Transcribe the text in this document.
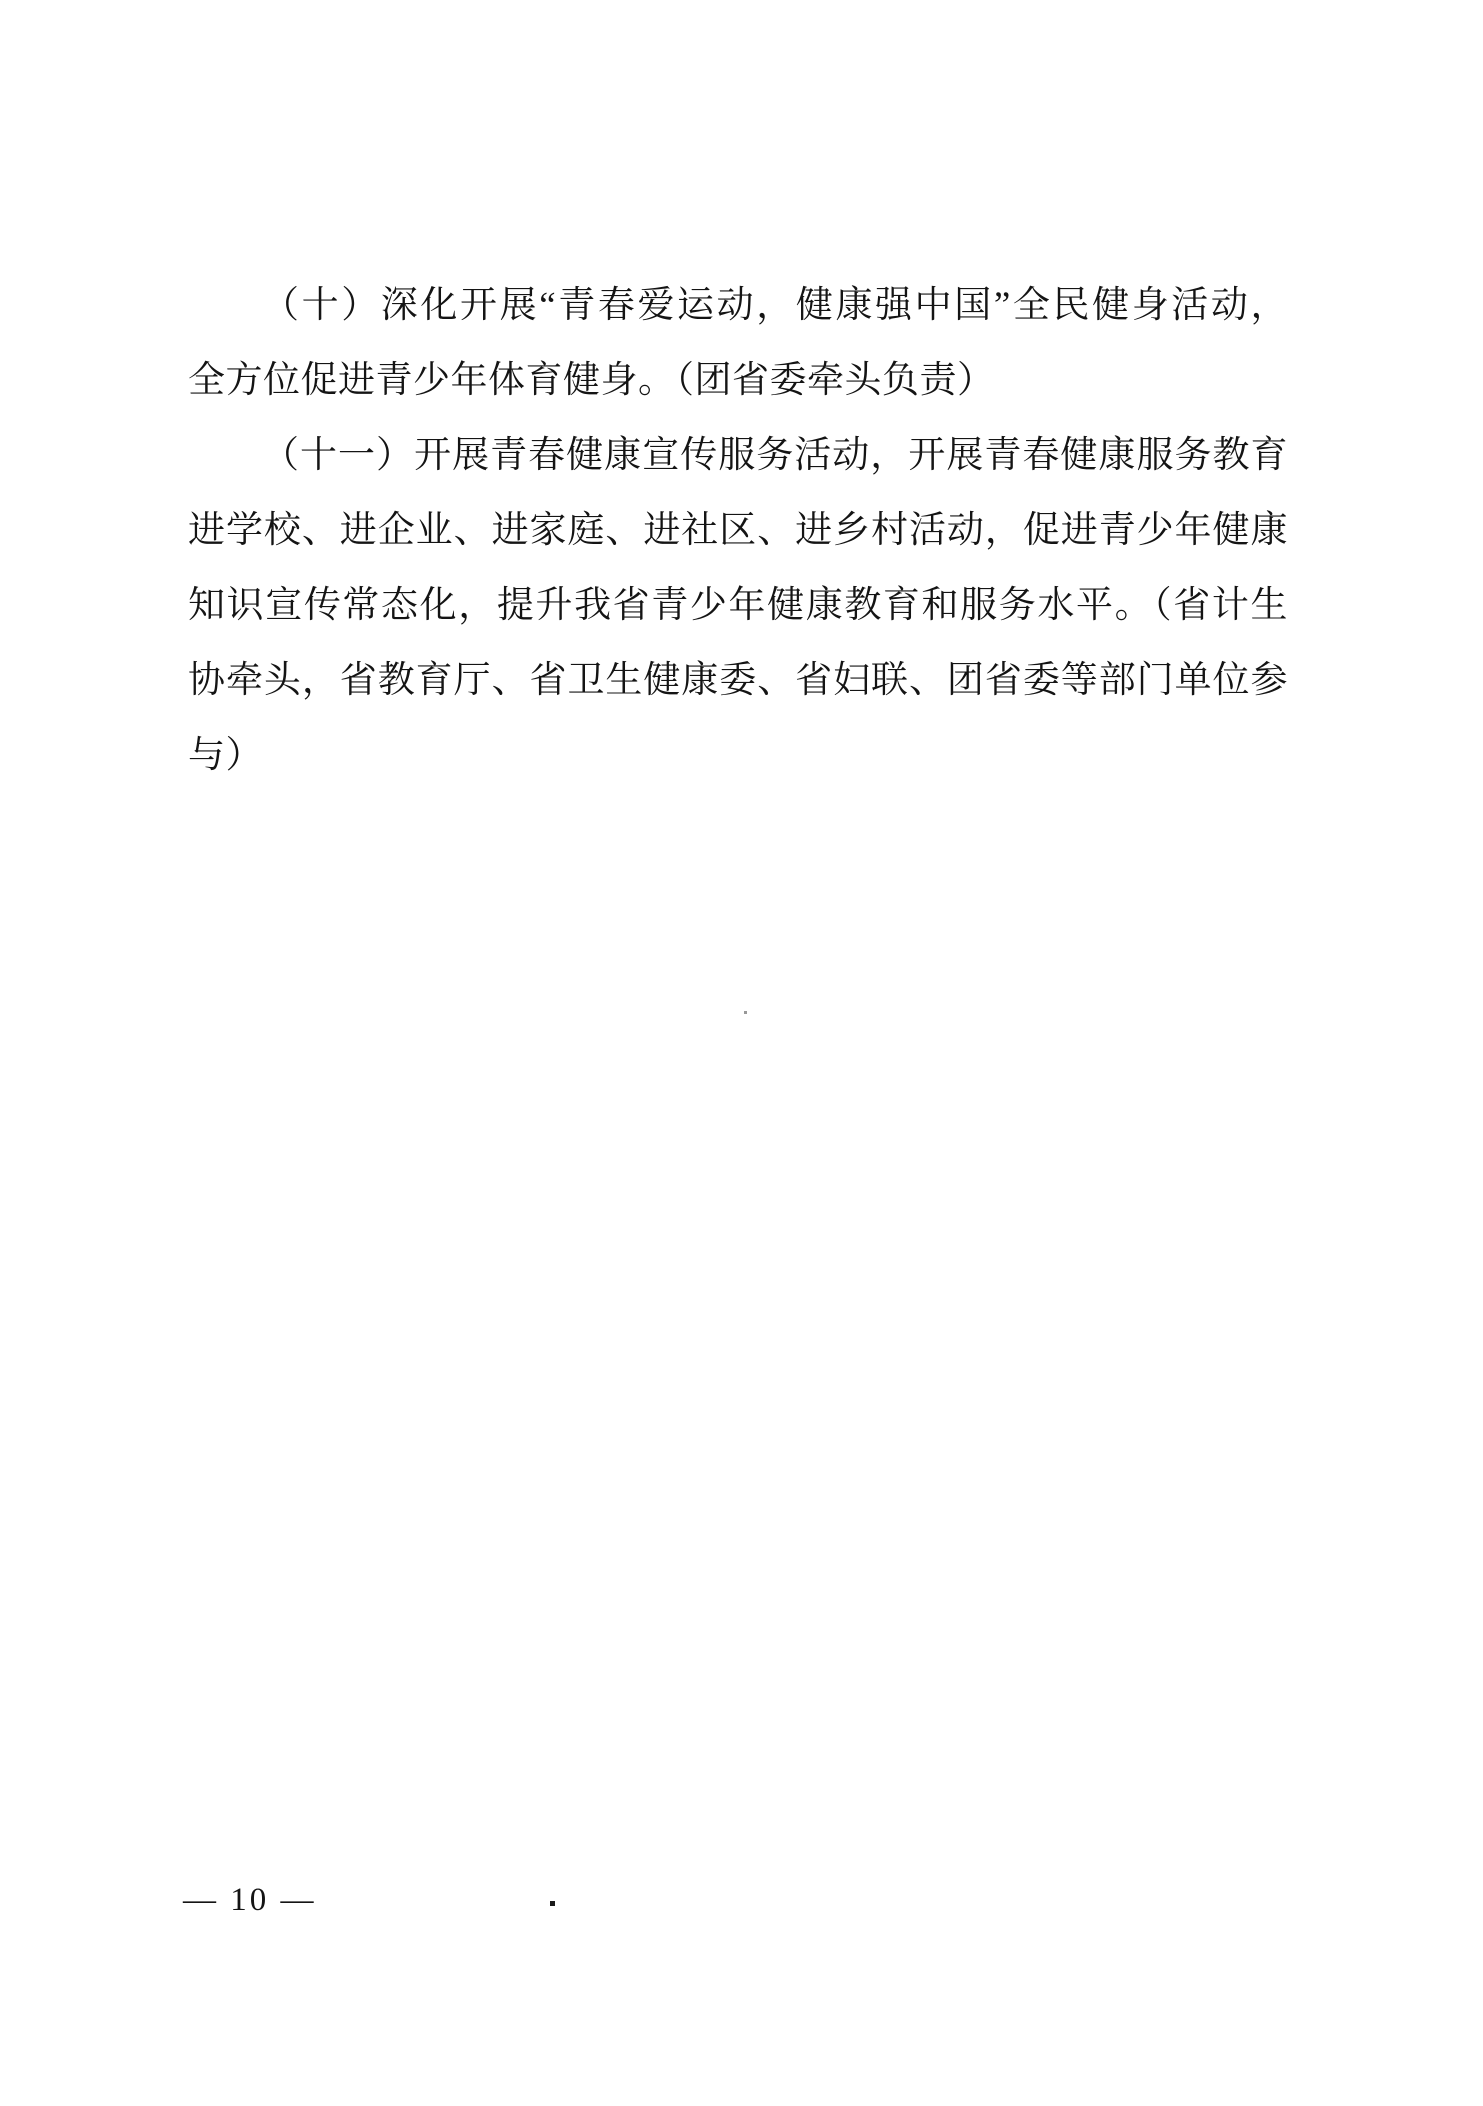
（十）深化开展“青春爱运动，健康强中国”全民健身活动，

全方位促进青少年体育健身。（团省委牵头负责）

（十一）开展青春健康宣传服务活动，开展青春健康服务教育

进学校、进企业、进家庭、进社区、进乡村活动，促进青少年健康

知识宣传常态化，提升我省青少年健康教育和服务水平。（省计生

协牵头，省教育厅、省卫生健康委、省妇联、团省委等部门单位参

与）

— 10 —
